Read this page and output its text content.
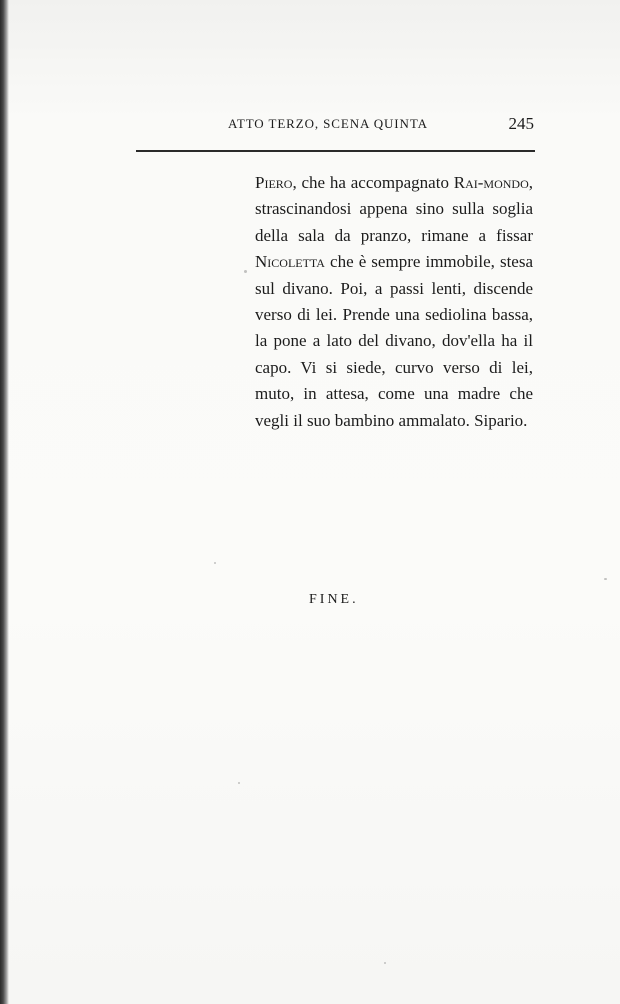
ATTO TERZO, SCENA QUINTA	245

Piero, che ha accompagnato Rai-mondo, strascinandosi appena sino sulla soglia della sala da pranzo, rimane a fissar Nicoletta che è sempre immobile, stesa sul divano. Poi, a passi lenti, discende verso di lei. Prende una sediolina bassa, la pone a lato del divano, dov'ella ha il capo. Vi si siede, curvo verso di lei, muto, in attesa, come una madre che vegli il suo bambino ammalato. Sipario.

FINE.
